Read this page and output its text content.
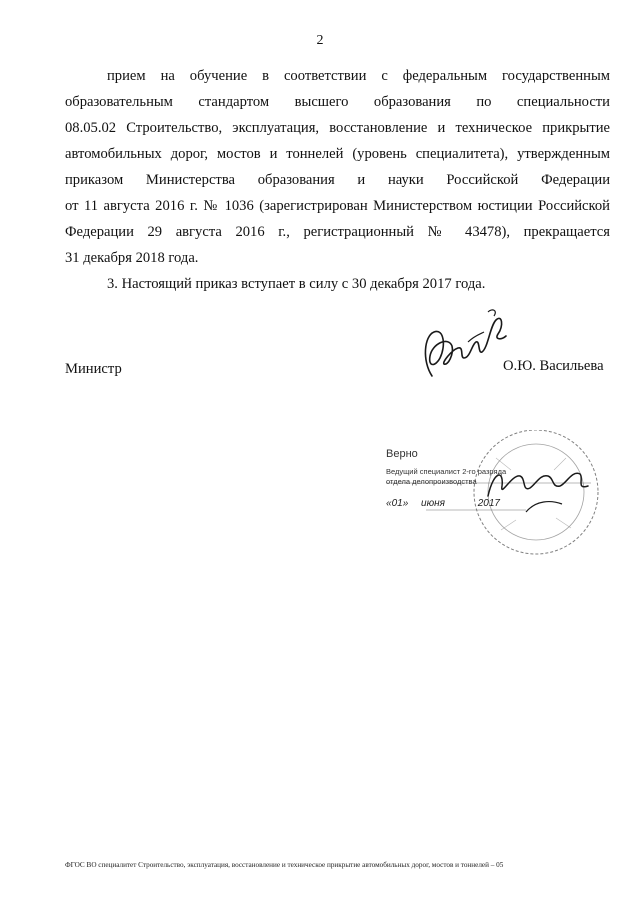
2
прием на обучение в соответствии с федеральным государственным
образовательным стандартом высшего образования по специальности
08.05.02 Строительство, эксплуатация, восстановление и техническое прикрытие
автомобильных дорог, мостов и тоннелей (уровень специалитета), утвержденным
приказом Министерства образования и науки Российской Федерации
от 11 августа 2016 г. № 1036 (зарегистрирован Министерством юстиции Российской
Федерации 29 августа 2016 г., регистрационный № 43478), прекращается
31 декабря 2018 года.
3. Настоящий приказ вступает в силу с 30 декабря 2017 года.
Министр	О.Ю. Васильева
Верно
Ведущий специалист 2-го разряда
отдела делопроизводства
«01» июня	2017
ФГОС ВО специалитет Строительство, эксплуатация, восстановление и техническое прикрытие автомобильных дорог, мостов и тоннелей – 05
